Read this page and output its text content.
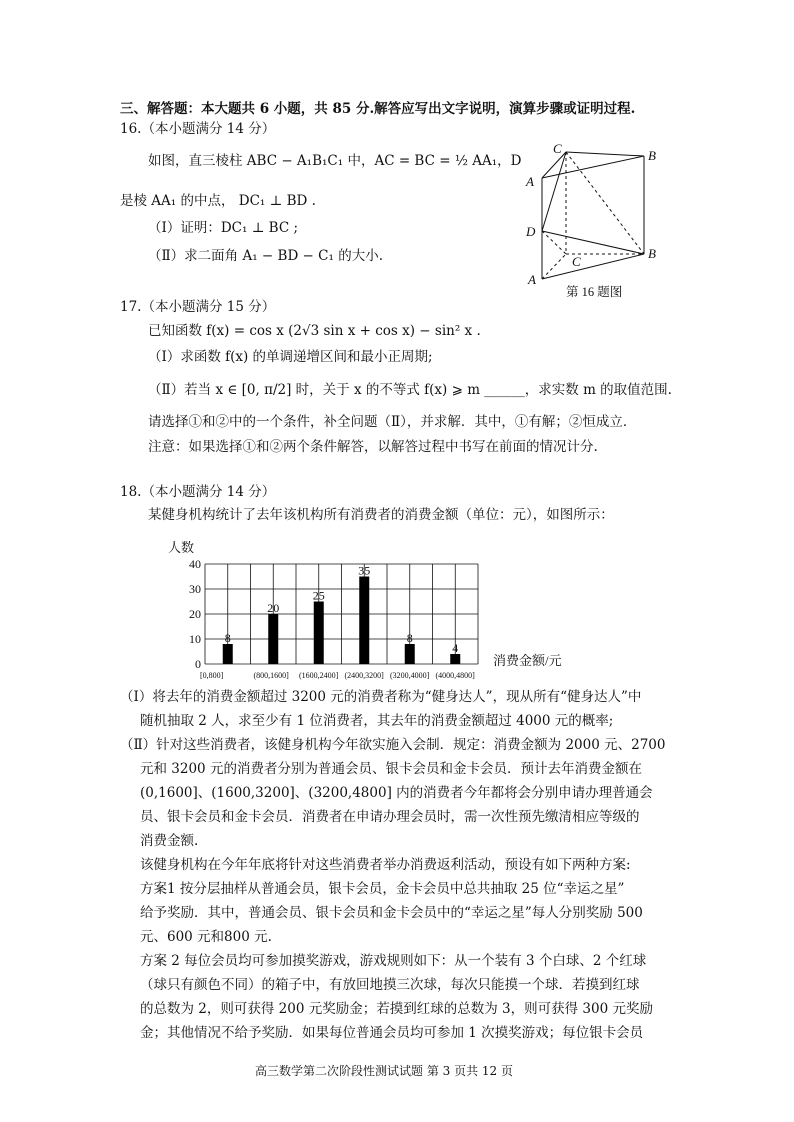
三、解答题：本大题共 6 小题，共 85 分.解答应写出文字说明，演算步骤或证明过程.
16.（本小题满分 14 分）
如图，直三棱柱 ABC − A₁B₁C₁ 中，AC = BC = ½ AA₁，D
是棱 AA₁ 的中点， DC₁ ⊥ BD .
（Ⅰ）证明：DC₁ ⊥ BC ;
（Ⅱ）求二面角 A₁ − BD − C₁ 的大小.
C	B
A
D
C
B
A
第 16 题图
17.（本小题满分 15 分）
已知函数 f(x) = cos x (2√3 sin x + cos x) − sin² x .
（Ⅰ）求函数 f(x) 的单调递增区间和最小正周期;
（Ⅱ）若当 x ∈ [0, π/2] 时，关于 x 的不等式 f(x) ⩾ m ______，求实数 m 的取值范围.
请选择①和②中的一个条件，补全问题（Ⅱ），并求解．其中，①有解；②恒成立．
注意：如果选择①和②两个条件解答，以解答过程中书写在前面的情况计分.
18.（本小题满分 14 分）
某健身机构统计了去年该机构所有消费者的消费金额（单位：元），如图所示：
人数
消费金额/元
0
10
20
30
40
8
20
25
35
8
4
[0,800]	(800,1600] (1600,2400] (2400,3200] (3200,4000] (4000,4800]
（Ⅰ）将去年的消费金额超过 3200 元的消费者称为“健身达人”，现从所有“健身达人”中
随机抽取 2 人，求至少有 1 位消费者，其去年的消费金额超过 4000 元的概率;
（Ⅱ）针对这些消费者，该健身机构今年欲实施入会制．规定：消费金额为 2000 元、2700
元和 3200 元的消费者分别为普通会员、银卡会员和金卡会员．预计去年消费金额在
(0,1600]、(1600,3200]、(3200,4800] 内的消费者今年都将会分别申请办理普通会
员、银卡会员和金卡会员．消费者在申请办理会员时，需一次性预先缴清相应等级的
消费金额.
该健身机构在今年年底将针对这些消费者举办消费返利活动，预设有如下两种方案:
方案1 按分层抽样从普通会员，银卡会员，金卡会员中总共抽取 25 位“幸运之星”
给予奖励．其中，普通会员、银卡会员和金卡会员中的“幸运之星”每人分别奖励 500
元、600 元和800 元.
方案 2 每位会员均可参加摸奖游戏，游戏规则如下：从一个装有 3 个白球、2 个红球
（球只有颜色不同）的箱子中，有放回地摸三次球，每次只能摸一个球．若摸到红球
的总数为 2，则可获得 200 元奖励金；若摸到红球的总数为 3，则可获得 300 元奖励
金；其他情况不给予奖励．如果每位普通会员均可参加 1 次摸奖游戏；每位银卡会员
高三数学第二次阶段性测试试题 第 3 页共 12 页
